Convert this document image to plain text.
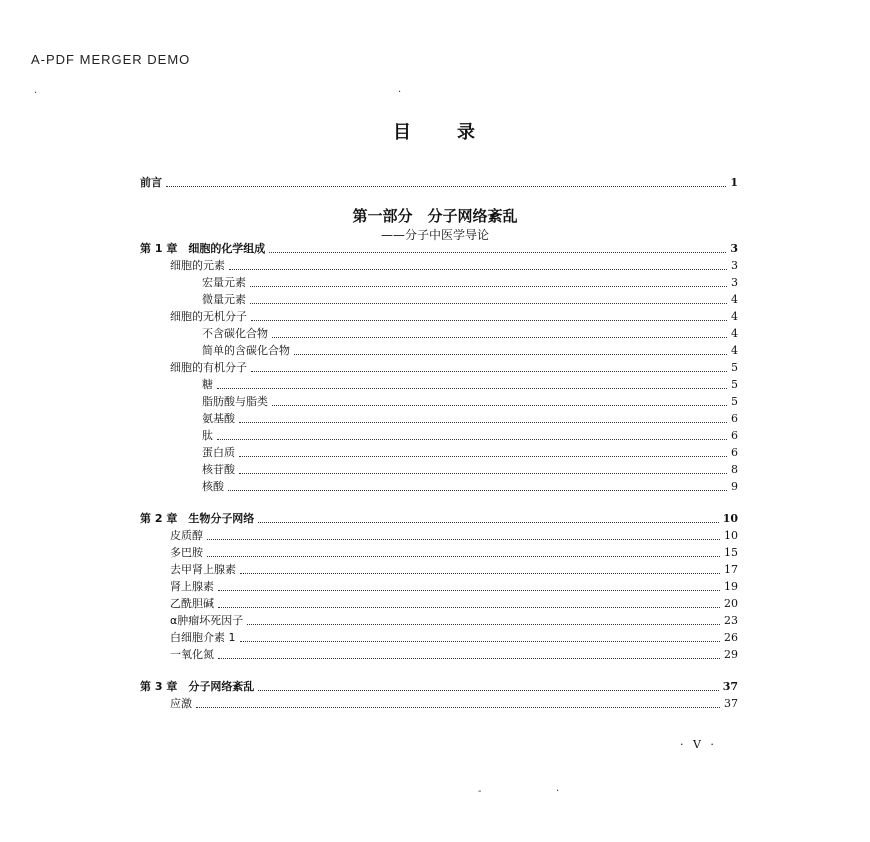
A-PDF MERGER DEMO
·	·
-	·
目 录
前言	1
第一部分　分子网络紊乱
——分子中医学导论
第 1 章　细胞的化学组成	3
细胞的元素	3
宏量元素	3
微量元素	4
细胞的无机分子	4
不含碳化合物	4
简单的含碳化合物	4
细胞的有机分子	5
糖	5
脂肪酸与脂类	5
氨基酸	6
肽	6
蛋白质	6
核苷酸	8
核酸	9
第 2 章　生物分子网络	10
皮质醇	10
多巴胺	15
去甲肾上腺素	17
肾上腺素	19
乙酰胆碱	20
α肿瘤坏死因子	23
白细胞介素 1	26
一氧化氮	29
第 3 章　分子网络紊乱	37
应激	37
· V ·
